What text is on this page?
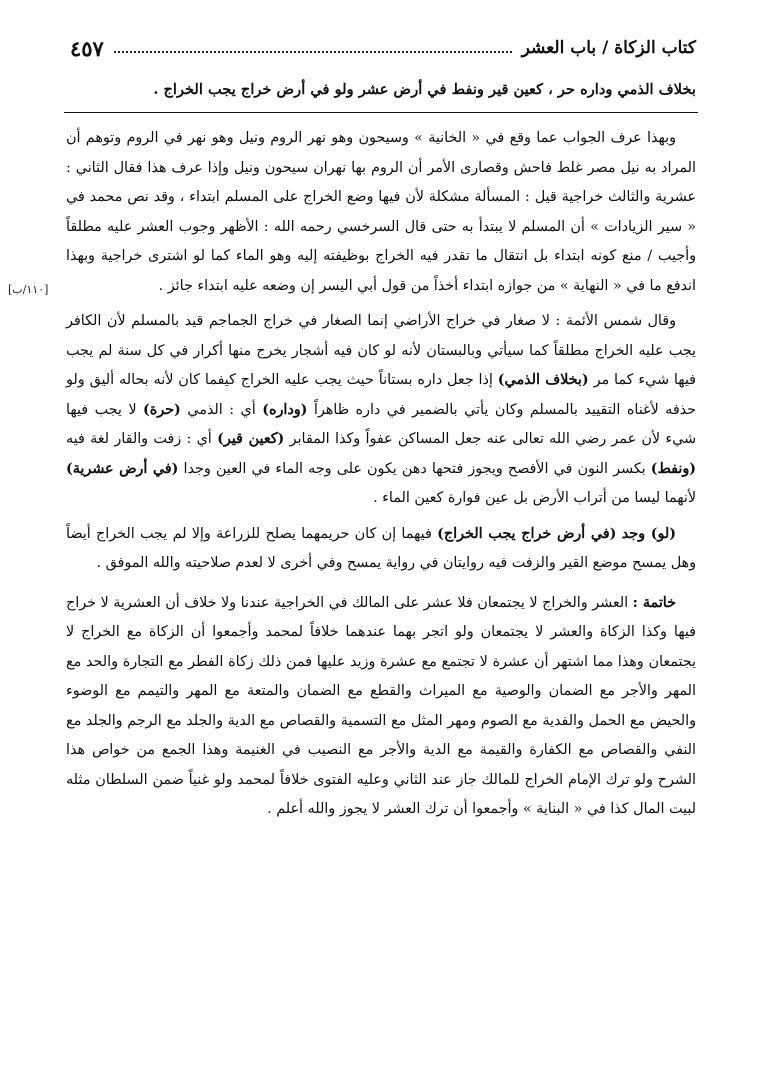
كتاب الزكاة / باب العشر
٤٥٧
بخلاف الذمي وداره حر ، كعين قير ونفط في أرض عشر ولو في أرض خراج يجب الخراج .
[١١٠/ب]

وبهذا عرف الجواب عما وقع في « الخانية » وسيحون وهو نهر الروم ونيل وهو نهر في الروم وتوهم أن المراد به نيل مصر غلط فاحش وقصارى الأمر أن الروم بها نهران سيحون ونيل وإذا عرف هذا فقال الثاني : عشرية والثالث خراجية قيل : المسألة مشكلة لأن فيها وضع الخراج على المسلم ابتداء ، وقد نص محمد في « سير الزيادات » أن المسلم لا يبتدأ به حتى قال السرخسي رحمه الله : الأظهر وجوب العشر عليه مطلقاً وأجيب / منع كونه ابتداء بل انتقال ما تقدر فيه الخراج بوظيفته إليه وهو الماء كما لو اشترى خراجية وبهذا اندفع ما في « النهاية » من جوازه ابتداء أخذاً من قول أبي اليسر إن وضعه عليه ابتداء جائز .

وقال شمس الأئمة : لا صغار في خراج الأراضي إنما الصغار في خراج الجماجم قيد بالمسلم لأن الكافر يجب عليه الخراج مطلقاً كما سيأتي وبالبستان لأنه لو كان فيه أشجار يخرج منها أكرار في كل سنة لم يجب فيها شيء كما مر (بخلاف الذمي) إذا جعل داره بستاناً حيث يجب عليه الخراج كيفما كان لأنه بحاله أليق ولو حذفه لأغناه التقييد بالمسلم وكان يأتي بالضمير في داره ظاهراً (وداره) أي : الذمي (حرة) لا يجب فيها شيء لأن عمر رضي الله تعالى عنه جعل المساكن عفواً وكذا المقابر (كعين قير) أي : زفت والقار لغة فيه (ونفط) بكسر النون في الأفصح ويجوز فتحها دهن يكون على وجه الماء في العين وجدا (في أرض عشرية) لأنهما ليسا من أتراب الأرض بل عين فوارة كعين الماء .

(لو) وجد (في أرض خراج يجب الخراج) فيهما إن كان حريمهما يصلح للزراعة وإلا لم يجب الخراج أيضاً وهل يمسح موضع القير والزفت فيه روايتان في رواية يمسح وفي أخرى لا لعدم صلاحيته والله الموفق .

خاتمة : العشر والخراج لا يجتمعان فلا عشر على المالك في الخراجية عندنا ولا خلاف أن العشرية لا خراج فيها وكذا الزكاة والعشر لا يجتمعان ولو اتجر بهما عندهما خلافاً لمحمد وأجمعوا أن الزكاة مع الخراج لا يجتمعان وهذا مما اشتهر أن عشرة لا تجتمع مع عشرة وزيد عليها فمن ذلك زكاة الفطر مع التجارة والحد مع المهر والأجر مع الضمان والوصية مع الميراث والقطع مع الضمان والمتعة مع المهر والتيمم مع الوضوء والحيض مع الحمل والفدية مع الصوم ومهر المثل مع التسمية والقصاص مع الدية والجلد مع الرجم والجلد مع النفي والقصاص مع الكفارة والقيمة مع الدية والأجر مع النصيب في الغنيمة وهذا الجمع من خواص هذا الشرح ولو ترك الإمام الخراج للمالك جاز عند الثاني وعليه الفتوى خلافاً لمحمد ولو غنياً ضمن السلطان مثله لبيت المال كذا في « البناية » وأجمعوا أن ترك العشر لا يجوز والله أعلم .
